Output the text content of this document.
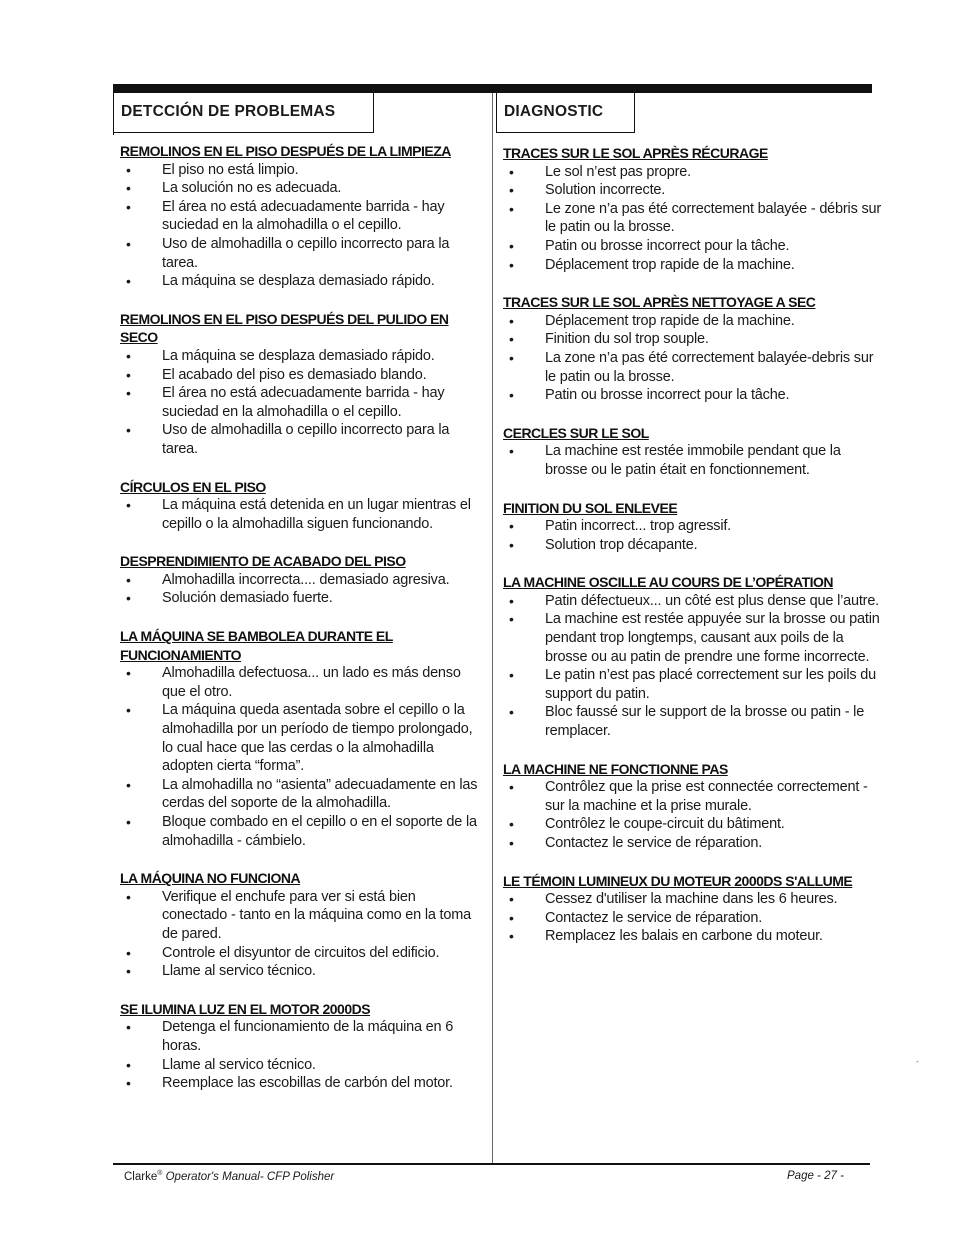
DETCCIÓN DE PROBLEMAS	DIAGNOSTIC
REMOLINOS EN EL PISO DESPUÉS DE LA LIMPIEZA
• El piso no está limpio.
• La solución no es adecuada.
• El área no está adecuadamente barrida - hay suciedad en la almohadilla o el cepillo.
• Uso de almohadilla o cepillo incorrecto para la tarea.
• La máquina se desplaza demasiado rápido.
REMOLINOS EN EL PISO DESPUÉS DEL PULIDO EN SECO
• La máquina se desplaza demasiado rápido.
• El acabado del piso es demasiado blando.
• El área no está adecuadamente barrida - hay suciedad en la almohadilla o el cepillo.
• Uso de almohadilla o cepillo incorrecto para la tarea.
CÍRCULOS EN EL PISO
• La máquina está detenida en un lugar mientras el cepillo o la almohadilla siguen funcionando.
DESPRENDIMIENTO DE ACABADO DEL PISO
• Almohadilla incorrecta.... demasiado agresiva.
• Solución demasiado fuerte.
LA MÁQUINA SE BAMBOLEA DURANTE EL FUNCIONAMIENTO
• Almohadilla defectuosa... un lado es más denso que el otro.
• La máquina queda asentada sobre el cepillo o la almohadilla por un período de tiempo prolongado, lo cual hace que las cerdas o la almohadilla adopten cierta “forma”.
• La almohadilla no “asienta” adecuadamente en las cerdas del soporte de la almohadilla.
• Bloque combado en el cepillo o en el soporte de la almohadilla - cámbielo.
LA MÁQUINA NO FUNCIONA
• Verifique el enchufe para ver si está bien conectado - tanto en la máquina como en la toma de pared.
• Controle el disyuntor de circuitos del edificio.
• Llame al servico técnico.
SE ILUMINA LUZ EN EL MOTOR 2000DS
• Detenga el funcionamiento de la máquina en 6 horas.
• Llame al servico técnico.
• Reemplace las escobillas de carbón del motor.
TRACES SUR LE SOL APRÈS RÉCURAGE
• Le sol n’est pas propre.
• Solution incorrecte.
• Le zone n’a pas été correctement balayée - débris sur le patin ou la brosse.
• Patin ou brosse incorrect pour la tâche.
• Déplacement trop rapide de la machine.
TRACES SUR LE SOL APRÈS NETTOYAGE A SEC
• Déplacement trop rapide de la machine.
• Finition du sol trop souple.
• La zone n’a pas été correctement balayée-debris sur le patin ou la brosse.
• Patin ou brosse incorrect pour la tâche.
CERCLES SUR LE SOL
• La machine est restée immobile pendant que la brosse ou le patin était en fonctionnement.
FINITION DU SOL ENLEVEE
• Patin incorrect... trop agressif.
• Solution trop décapante.
LA MACHINE OSCILLE AU COURS DE L’OPÉRATION
• Patin défectueux... un côté est plus dense que l’autre.
• La machine est restée appuyée sur la brosse ou patin pendant trop longtemps, causant aux poils de la brosse ou au patin de prendre une forme incorrecte.
• Le patin n’est pas placé correctement sur les poils du support du patin.
• Bloc faussé sur le support de la brosse ou patin - le remplacer.
LA MACHINE NE FONCTIONNE PAS
• Contrôlez que la prise est connectée correctement - sur la machine et la prise murale.
• Contrôlez le coupe-circuit du bâtiment.
• Contactez le service de réparation.
LE TÉMOIN LUMINEUX DU MOTEUR 2000DS S'ALLUME
• Cessez d'utiliser la machine dans les 6 heures.
• Contactez le service de réparation.
• Remplacez les balais en carbone du moteur.
´
Clarke® Operator's Manual- CFP Polisher	Page - 27 -
